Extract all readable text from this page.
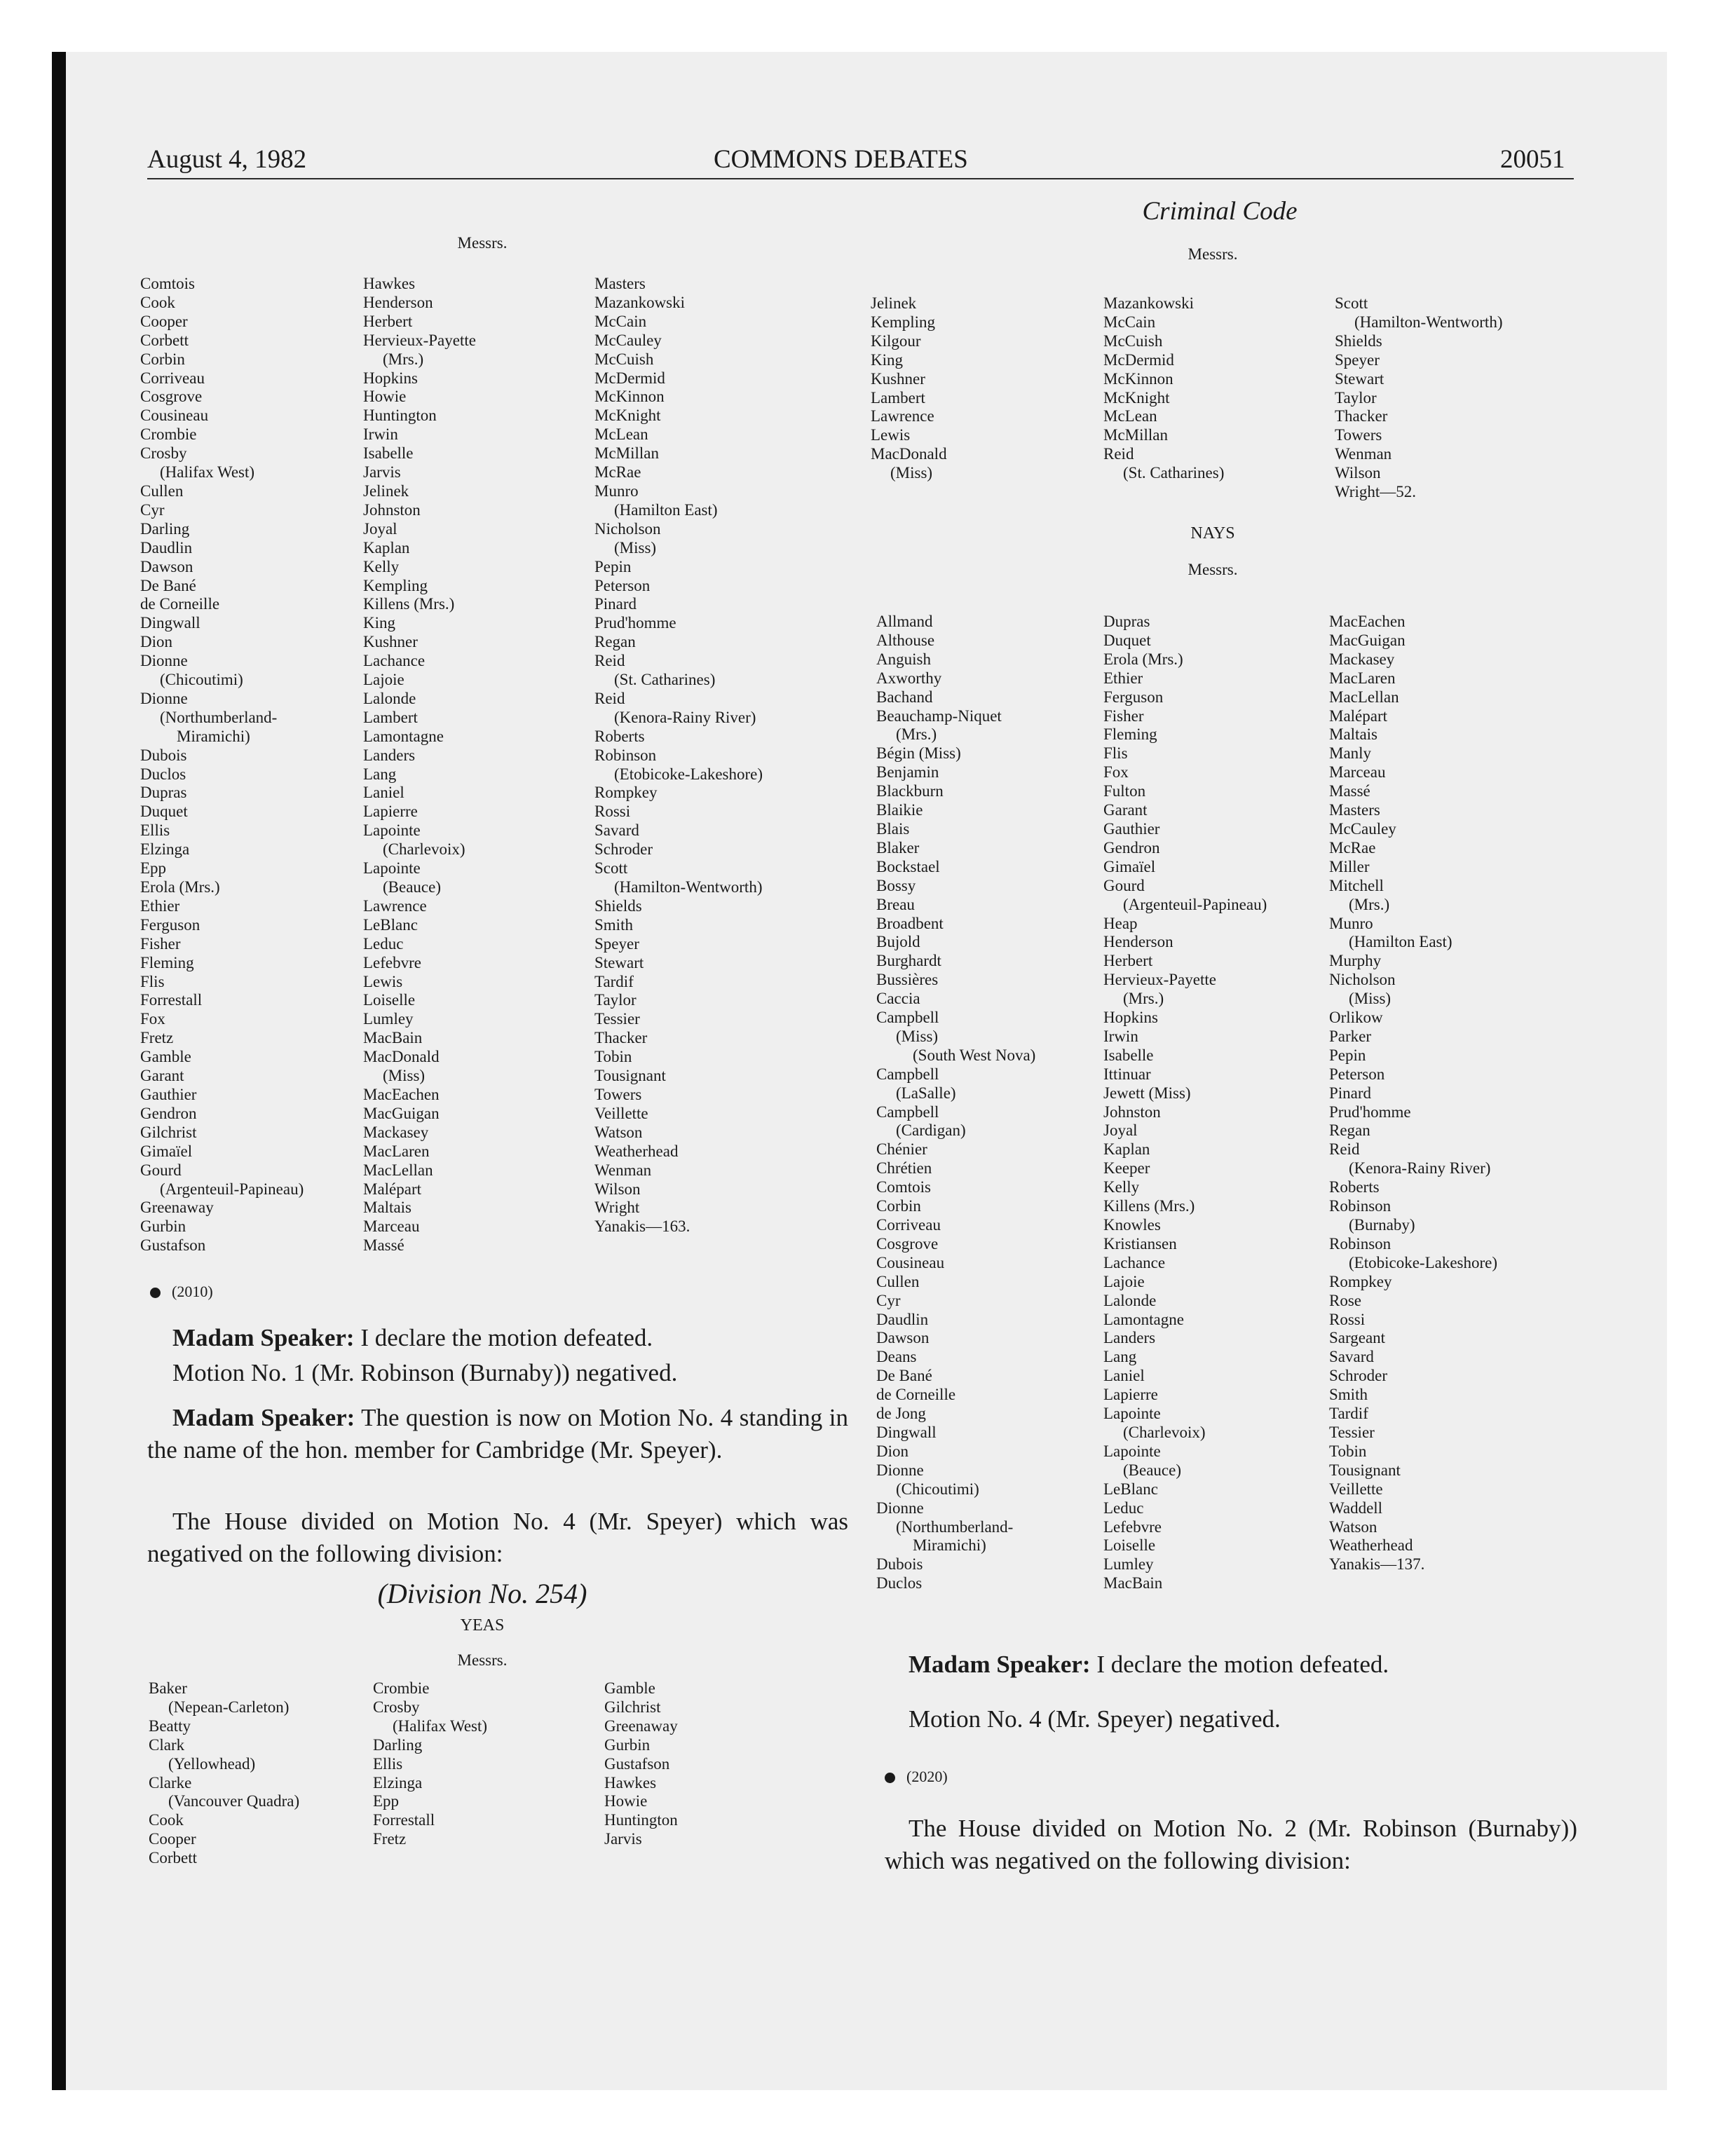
August 4, 1982	COMMONS DEBATES	20051
Messrs.
Comtois
Cook
Cooper
Corbett
Corbin
Corriveau
Cosgrove
Cousineau
Crombie
Crosby
(Halifax West)
Cullen
Cyr
Darling
Daudlin
Dawson
De Bané
de Corneille
Dingwall
Dion
Dionne
(Chicoutimi)
Dionne
(Northumberland-
Miramichi)
Dubois
Duclos
Dupras
Duquet
Ellis
Elzinga
Epp
Erola (Mrs.)
Ethier
Ferguson
Fisher
Fleming
Flis
Forrestall
Fox
Fretz
Gamble
Garant
Gauthier
Gendron
Gilchrist
Gimaïel
Gourd
(Argenteuil-Papineau)
Greenaway
Gurbin
Gustafson
Hawkes
Henderson
Herbert
Hervieux-Payette
(Mrs.)
Hopkins
Howie
Huntington
Irwin
Isabelle
Jarvis
Jelinek
Johnston
Joyal
Kaplan
Kelly
Kempling
Killens (Mrs.)
King
Kushner
Lachance
Lajoie
Lalonde
Lambert
Lamontagne
Landers
Lang
Laniel
Lapierre
Lapointe
(Charlevoix)
Lapointe
(Beauce)
Lawrence
LeBlanc
Leduc
Lefebvre
Lewis
Loiselle
Lumley
MacBain
MacDonald
(Miss)
MacEachen
MacGuigan
Mackasey
MacLaren
MacLellan
Malépart
Maltais
Marceau
Massé
Masters
Mazankowski
McCain
McCauley
McCuish
McDermid
McKinnon
McKnight
McLean
McMillan
McRae
Munro
(Hamilton East)
Nicholson
(Miss)
Pepin
Peterson
Pinard
Prud'homme
Regan
Reid
(St. Catharines)
Reid
(Kenora-Rainy River)
Roberts
Robinson
(Etobicoke-Lakeshore)
Rompkey
Rossi
Savard
Schroder
Scott
(Hamilton-Wentworth)
Shields
Smith
Speyer
Stewart
Tardif
Taylor
Tessier
Thacker
Tobin
Tousignant
Towers
Veillette
Watson
Weatherhead
Wenman
Wilson
Wright
Yanakis—163.
(2010)
Madam Speaker: I declare the motion defeated.
Motion No. 1 (Mr. Robinson (Burnaby)) negatived.
Madam Speaker: The question is now on Motion No. 4 standing in the name of the hon. member for Cambridge (Mr. Speyer).
The House divided on Motion No. 4 (Mr. Speyer) which was negatived on the following division:
(Division No. 254)
YEAS
Messrs.
Baker
(Nepean-Carleton)
Beatty
Clark
(Yellowhead)
Clarke
(Vancouver Quadra)
Cook
Cooper
Corbett
Crombie
Crosby
(Halifax West)
Darling
Ellis
Elzinga
Epp
Forrestall
Fretz
Gamble
Gilchrist
Greenaway
Gurbin
Gustafson
Hawkes
Howie
Huntington
Jarvis
Criminal Code
Messrs.
Jelinek
Kempling
Kilgour
King
Kushner
Lambert
Lawrence
Lewis
MacDonald
(Miss)
Mazankowski
McCain
McCuish
McDermid
McKinnon
McKnight
McLean
McMillan
Reid
(St. Catharines)
Scott
(Hamilton-Wentworth)
Shields
Speyer
Stewart
Taylor
Thacker
Towers
Wenman
Wilson
Wright—52.
NAYS
Messrs.
Allmand
Althouse
Anguish
Axworthy
Bachand
Beauchamp-Niquet
(Mrs.)
Bégin (Miss)
Benjamin
Blackburn
Blaikie
Blais
Blaker
Bockstael
Bossy
Breau
Broadbent
Bujold
Burghardt
Bussières
Caccia
Campbell
(Miss)
(South West Nova)
Campbell
(LaSalle)
Campbell
(Cardigan)
Chénier
Chrétien
Comtois
Corbin
Corriveau
Cosgrove
Cousineau
Cullen
Cyr
Daudlin
Dawson
Deans
De Bané
de Corneille
de Jong
Dingwall
Dion
Dionne
(Chicoutimi)
Dionne
(Northumberland-
Miramichi)
Dubois
Duclos
Dupras
Duquet
Erola (Mrs.)
Ethier
Ferguson
Fisher
Fleming
Flis
Fox
Fulton
Garant
Gauthier
Gendron
Gimaïel
Gourd
(Argenteuil-Papineau)
Heap
Henderson
Herbert
Hervieux-Payette
(Mrs.)
Hopkins
Irwin
Isabelle
Ittinuar
Jewett (Miss)
Johnston
Joyal
Kaplan
Keeper
Kelly
Killens (Mrs.)
Knowles
Kristiansen
Lachance
Lajoie
Lalonde
Lamontagne
Landers
Lang
Laniel
Lapierre
Lapointe
(Charlevoix)
Lapointe
(Beauce)
LeBlanc
Leduc
Lefebvre
Loiselle
Lumley
MacBain
MacEachen
MacGuigan
Mackasey
MacLaren
MacLellan
Malépart
Maltais
Manly
Marceau
Massé
Masters
McCauley
McRae
Miller
Mitchell
(Mrs.)
Munro
(Hamilton East)
Murphy
Nicholson
(Miss)
Orlikow
Parker
Pepin
Peterson
Pinard
Prud'homme
Regan
Reid
(Kenora-Rainy River)
Roberts
Robinson
(Burnaby)
Robinson
(Etobicoke-Lakeshore)
Rompkey
Rose
Rossi
Sargeant
Savard
Schroder
Smith
Tardif
Tessier
Tobin
Tousignant
Veillette
Waddell
Watson
Weatherhead
Yanakis—137.
Madam Speaker: I declare the motion defeated.
Motion No. 4 (Mr. Speyer) negatived.
(2020)
The House divided on Motion No. 2 (Mr. Robinson (Burnaby)) which was negatived on the following division:
